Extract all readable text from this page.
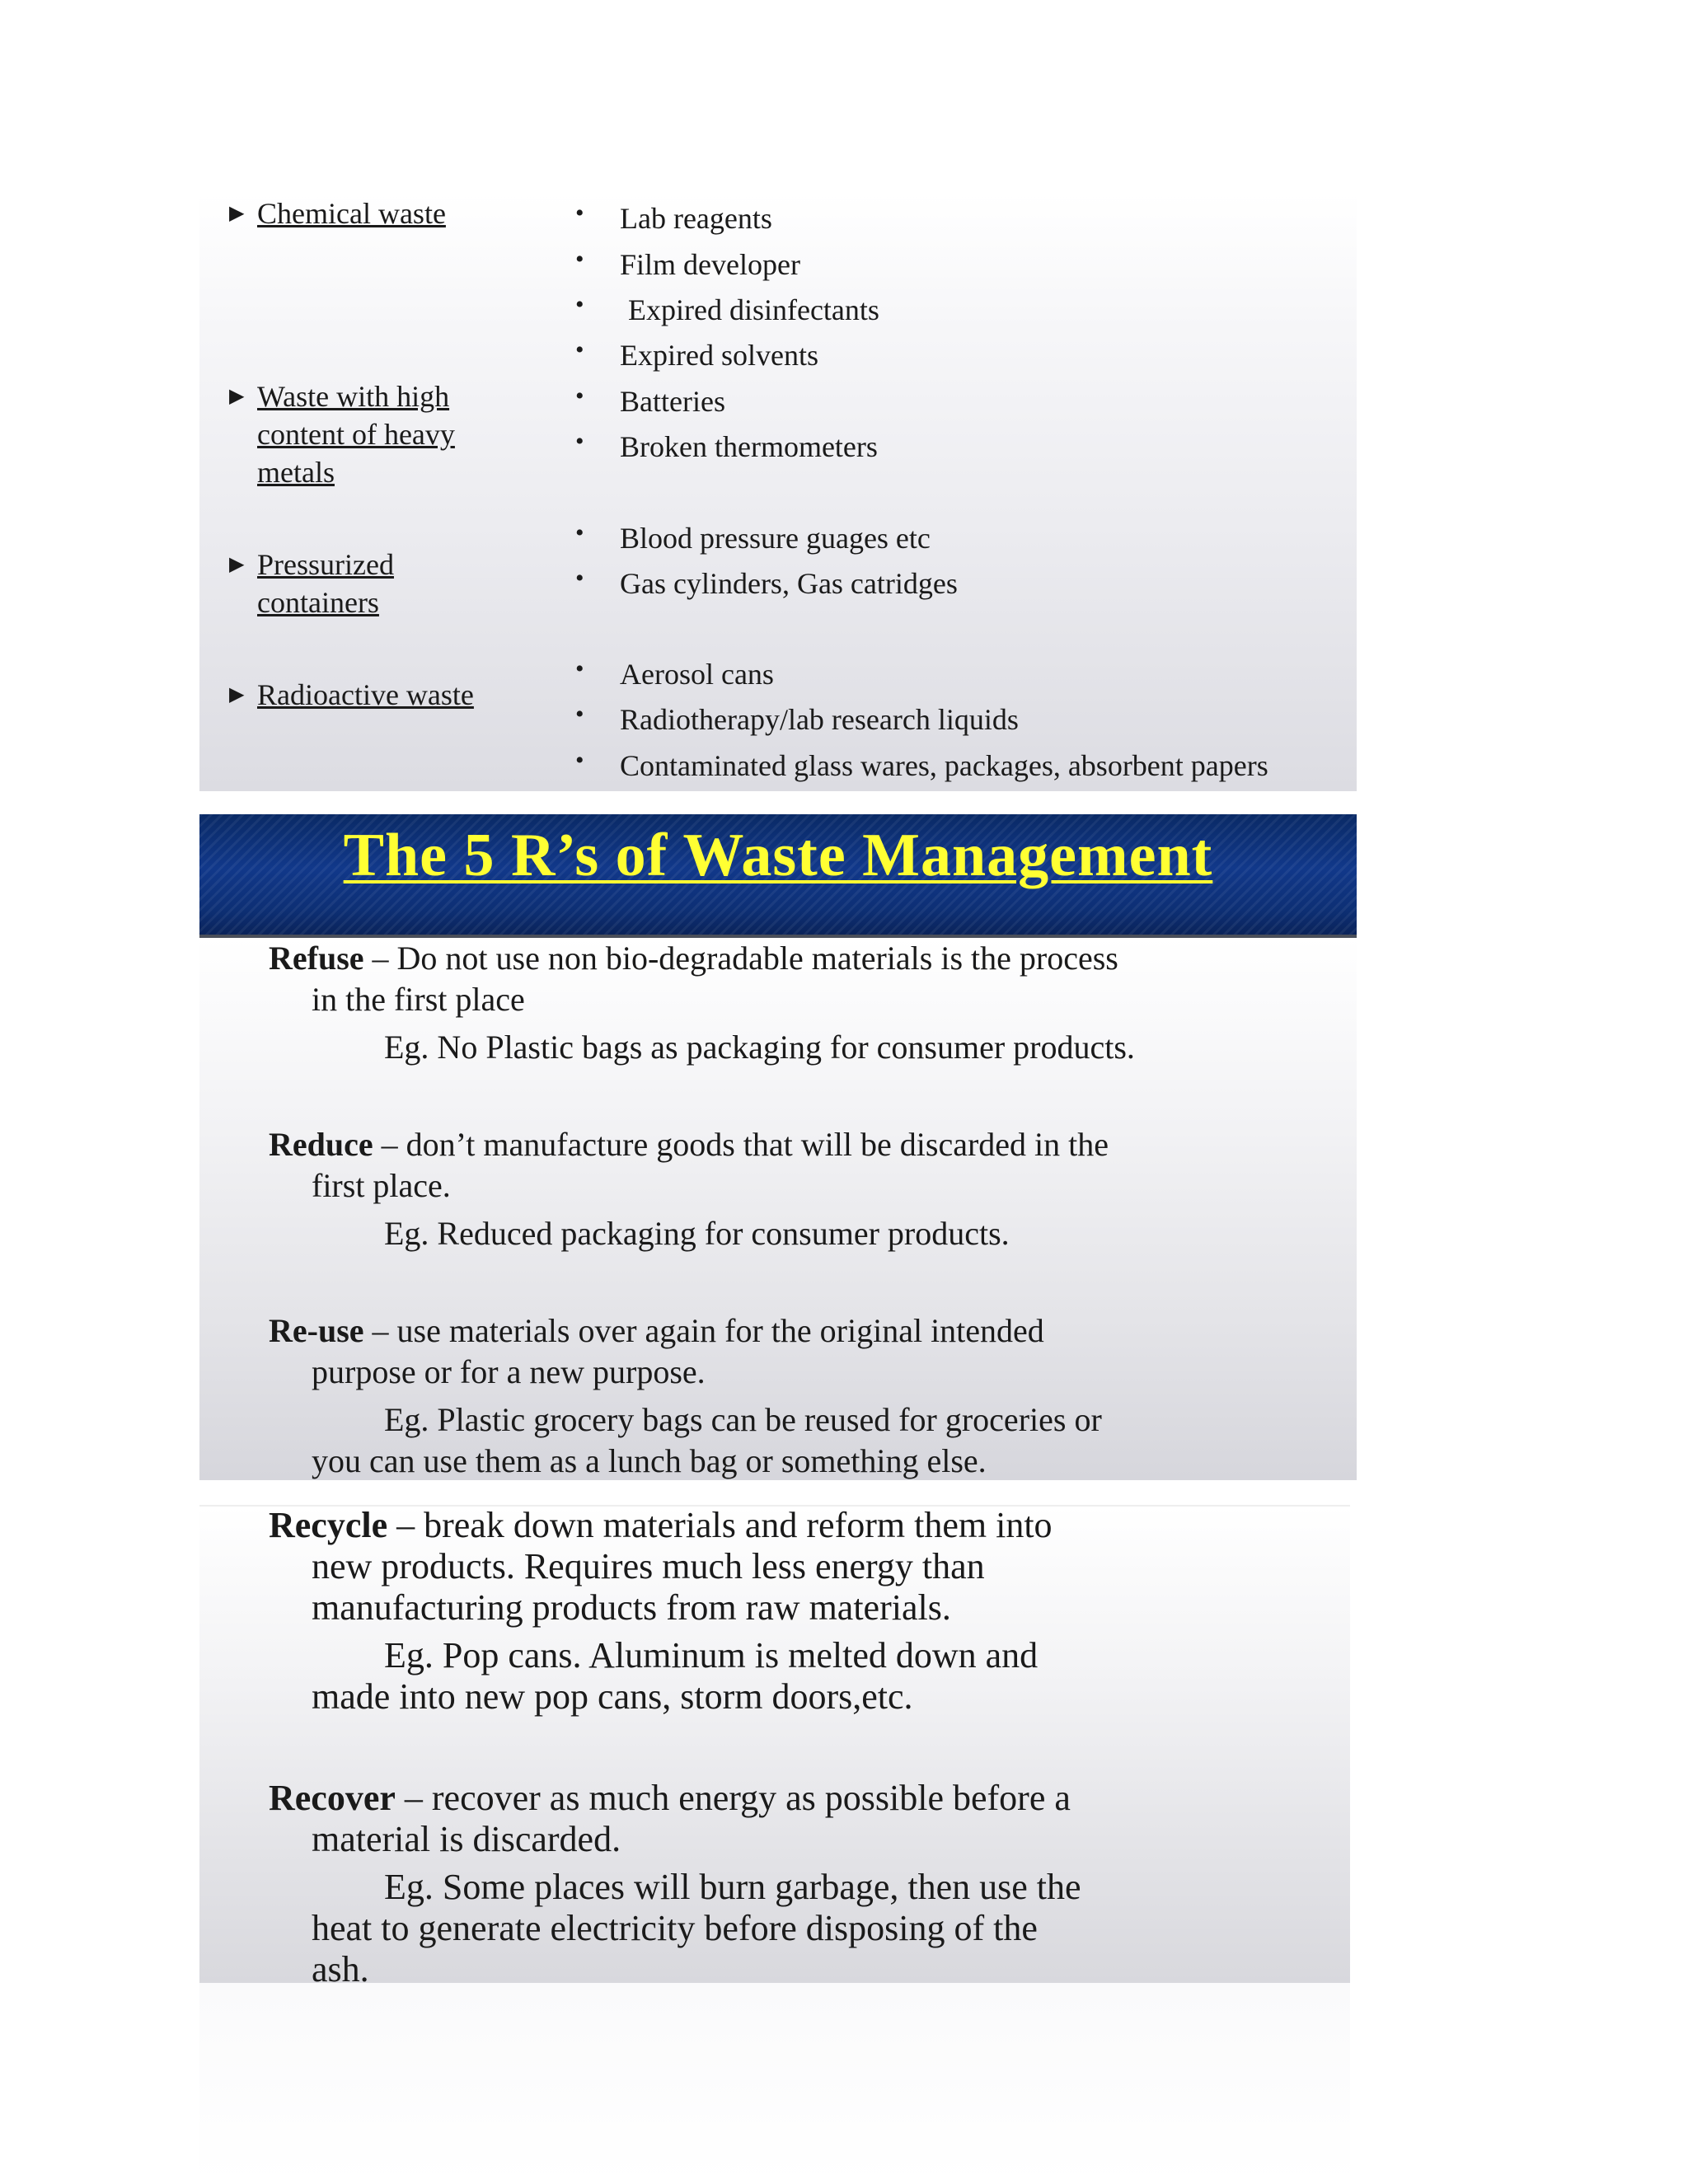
▶ Chemical waste
▶ Waste with high
content of heavy
metals
▶ Pressurized
containers
▶ Radioactive waste
• Lab reagents
• Film developer
• Expired disinfectants
• Expired solvents
• Batteries
• Broken thermometers
• Blood pressure guages etc
• Gas cylinders, Gas catridges
• Aerosol cans
• Radiotherapy/lab research liquids
• Contaminated glass wares, packages, absorbent papers
The 5 R’s of Waste Management
Refuse – Do not use non bio-degradable materials is the process
in the first place
Eg. No Plastic bags as packaging for consumer products.
Reduce – don’t manufacture goods that will be discarded in the
first place.
Eg. Reduced packaging for consumer products.
Re-use – use materials over again for the original intended
purpose or for a new purpose.
Eg. Plastic grocery bags can be reused for groceries or
you can use them as a lunch bag or something else.
Recycle – break down materials and reform them into
new products. Requires much less energy than
manufacturing products from raw materials.
Eg. Pop cans. Aluminum is melted down and
made into new pop cans, storm doors,etc.
Recover – recover as much energy as possible before a
material is discarded.
Eg. Some places will burn garbage, then use the
heat to generate electricity before disposing of the
ash.
